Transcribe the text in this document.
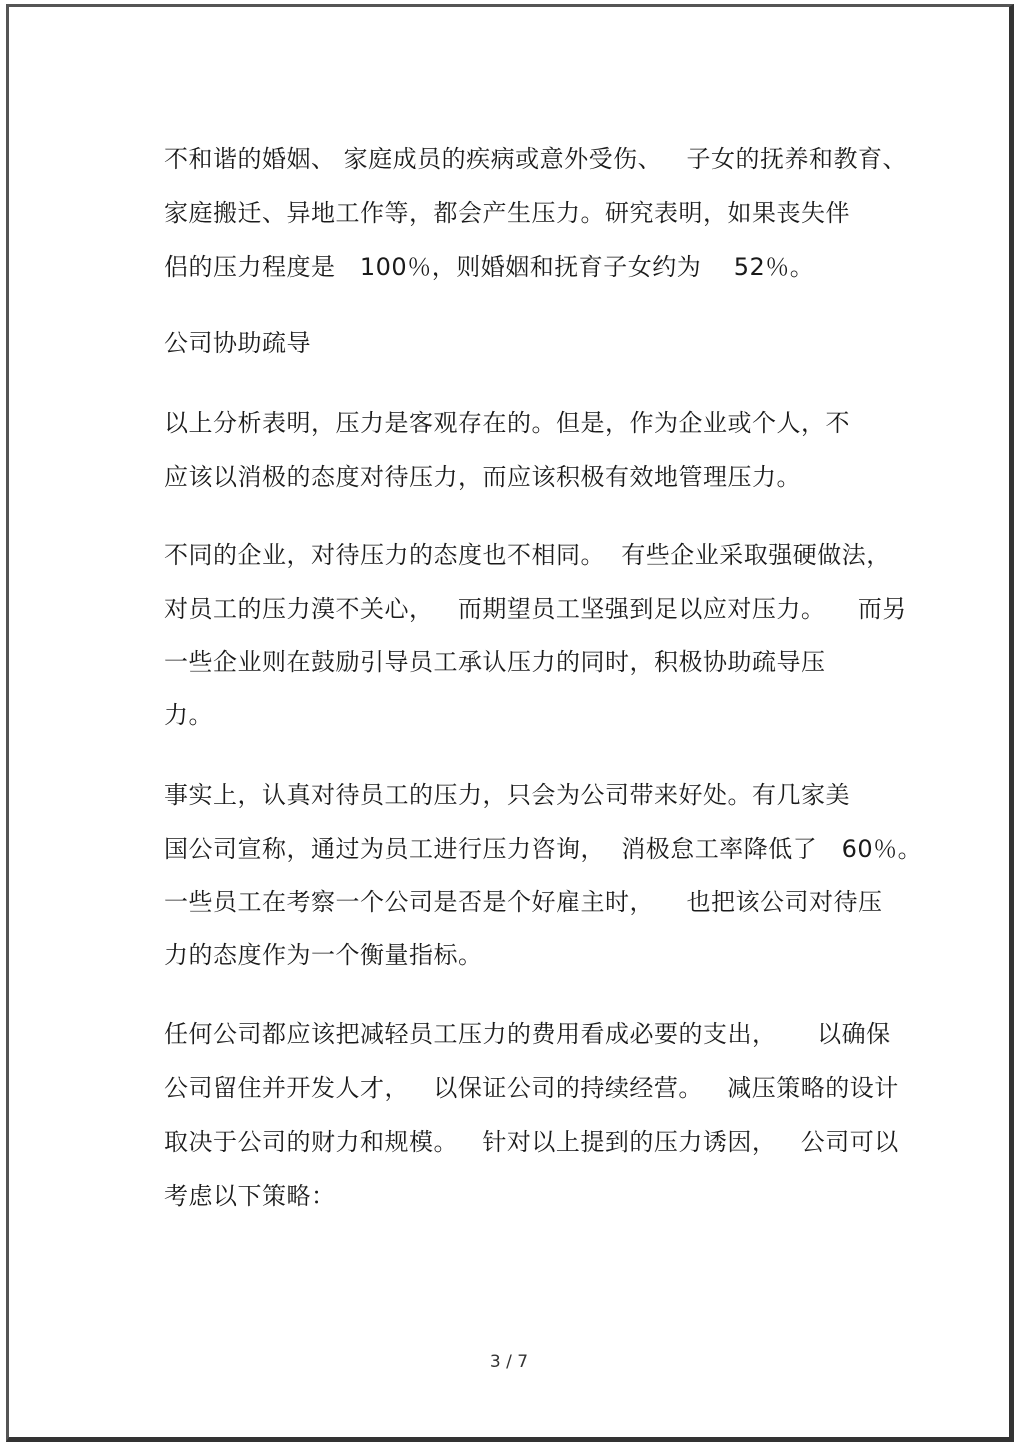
不和谐的婚姻、 家庭成员的疾病或意外受伤、   子女的抚养和教育、
家庭搬迁、异地工作等，都会产生压力。研究表明，如果丧失伴
侣的压力程度是   100％，则婚姻和抚育子女约为    52％。
公司协助疏导
以上分析表明，压力是客观存在的。但是，作为企业或个人，不
应该以消极的态度对待压力，而应该积极有效地管理压力。
不同的企业，对待压力的态度也不相同。  有些企业采取强硬做法，
对员工的压力漠不关心，   而期望员工坚强到足以应对压力。    而另
一些企业则在鼓励引导员工承认压力的同时，积极协助疏导压
力。
事实上，认真对待员工的压力，只会为公司带来好处。有几家美
国公司宣称，通过为员工进行压力咨询，  消极怠工率降低了   60％。
一些员工在考察一个公司是否是个好雇主时，    也把该公司对待压
力的态度作为一个衡量指标。
任何公司都应该把减轻员工压力的费用看成必要的支出，     以确保
公司留住并开发人才，   以保证公司的持续经营。   减压策略的设计
取决于公司的财力和规模。   针对以上提到的压力诱因，   公司可以
考虑以下策略：
3 / 7
